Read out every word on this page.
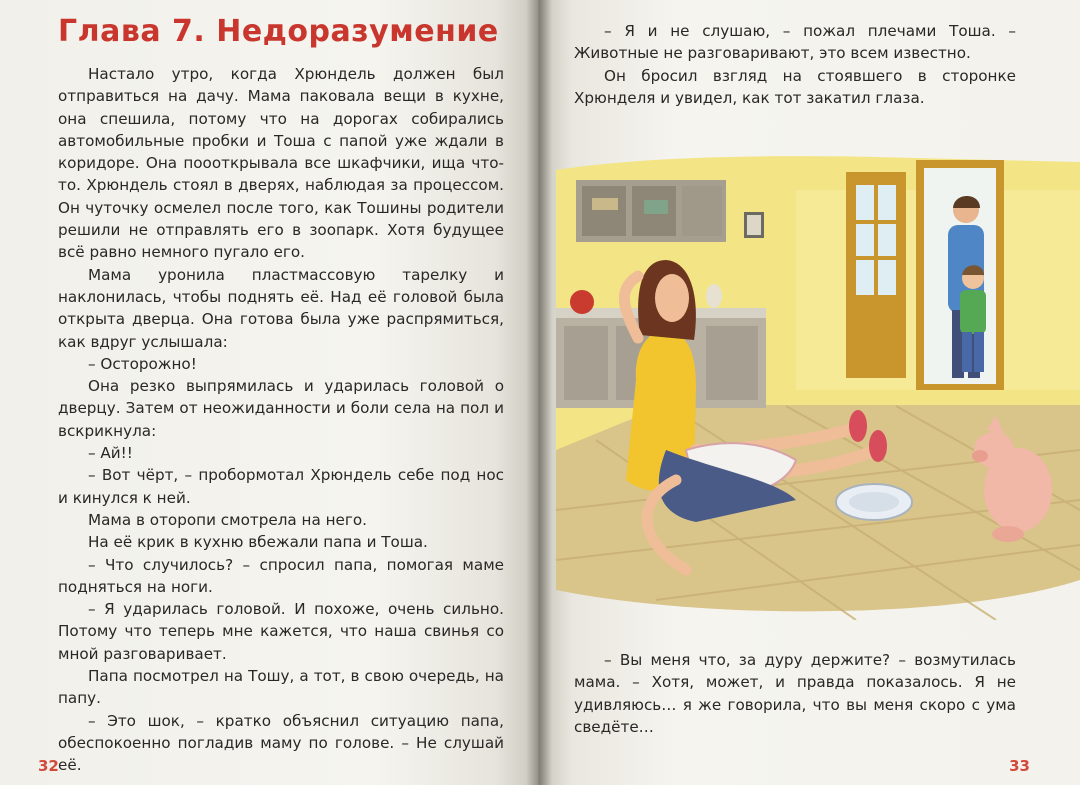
Глава 7. Недоразумение

Настало утро, когда Хрюндель должен был отправиться на дачу. Мама паковала вещи в кухне, она спешила, потому что на дорогах собирались автомобильные пробки и Тоша с папой уже ждали в коридоре. Она поооткрывала все шкафчики, ища что-то. Хрюндель стоял в дверях, наблюдая за процессом. Он чуточку осмелел после того, как Тошины родители решили не отправлять его в зоопарк. Хотя будущее всё равно немного пугало его.

Мама уронила пластмассовую тарелку и наклонилась, чтобы поднять её. Над её головой была открыта дверца. Она готова была уже распрямиться, как вдруг услышала:

– Осторожно!

Она резко выпрямилась и ударилась головой о дверцу. Затем от неожиданности и боли села на пол и вскрикнула:

– Ай!!

– Вот чёрт, – пробормотал Хрюндель себе под нос и кинулся к ней.

Мама в оторопи смотрела на него.

На её крик в кухню вбежали папа и Тоша.

– Что случилось? – спросил папа, помогая маме подняться на ноги.

– Я ударилась головой. И похоже, очень сильно. Потому что теперь мне кажется, что наша свинья со мной разговаривает.

Папа посмотрел на Тошу, а тот, в свою очередь, на папу.

– Это шок, – кратко объяснил ситуацию папа, обеспокоенно погладив маму по голове. – Не слушай её.

32

– Я и не слушаю, – пожал плечами Тоша. – Животные не разговаривают, это всем известно.

Он бросил взгляд на стоявшего в сторонке Хрюнделя и увидел, как тот закатил глаза.

– Вы меня что, за дуру держите? – возмутилась мама. – Хотя, может, и правда показалось. Я не удивляюсь… я же говорила, что вы меня скоро с ума сведёте…

33
